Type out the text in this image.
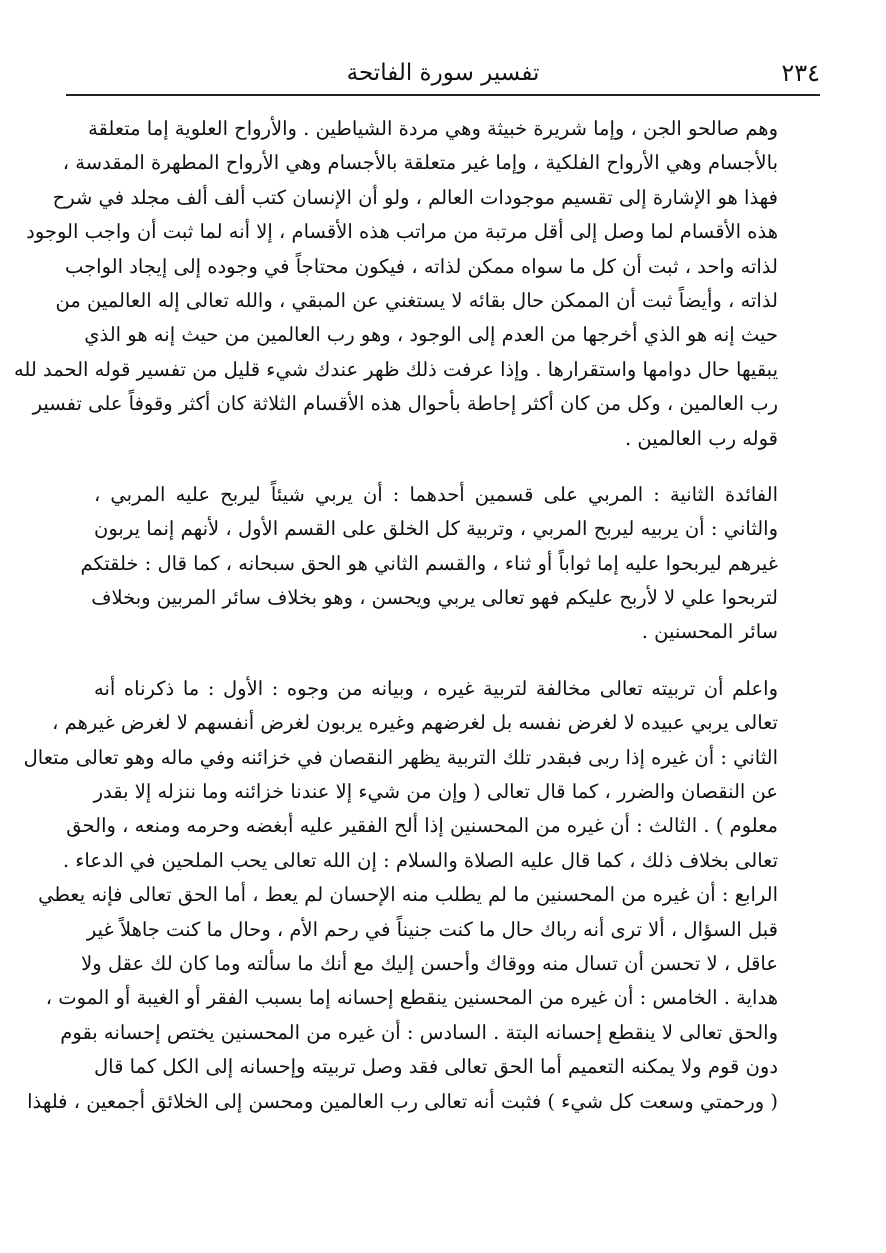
٢٣٤
تفسير سورة الفاتحة
وهم صالحو الجن ، وإما شريرة خبيثة وهي مردة الشياطين . والأرواح العلوية إما متعلقة
بالأجسام وهي الأرواح الفلكية ، وإما غير متعلقة بالأجسام وهي الأرواح المطهرة المقدسة ،
فهذا هو الإشارة إلى تقسيم موجودات العالم ، ولو أن الإنسان كتب ألف ألف مجلد في شرح
هذه الأقسام لما وصل إلى أقل مرتبة من مراتب هذه الأقسام ، إلا أنه لما ثبت أن واجب الوجود
لذاته واحد ، ثبت أن كل ما سواه ممكن لذاته ، فيكون محتاجاً في وجوده إلى إيجاد الواجب
لذاته ، وأيضاً ثبت أن الممكن حال بقائه لا يستغني عن المبقي ، والله تعالى إله العالمين من
حيث إنه هو الذي أخرجها من العدم إلى الوجود ، وهو رب العالمين من حيث إنه هو الذي
يبقيها حال دوامها واستقرارها . وإذا عرفت ذلك ظهر عندك شيء قليل من تفسير قوله الحمد لله
رب العالمين ، وكل من كان أكثر إحاطة بأحوال هذه الأقسام الثلاثة كان أكثر وقوفاً على تفسير
قوله رب العالمين .
الفائدة الثانية : المربي على قسمين أحدهما : أن يربي شيئاً ليربح عليه المربي ،
والثاني : أن يربيه ليربح المربي ، وتربية كل الخلق على القسم الأول ، لأنهم إنما يربون
غيرهم ليربحوا عليه إما ثواباً أو ثناء ، والقسم الثاني هو الحق سبحانه ، كما قال : خلقتكم
لتربحوا علي لا لأربح عليكم فهو تعالى يربي ويحسن ، وهو بخلاف سائر المربين وبخلاف
سائر المحسنين .
واعلم أن تربيته تعالى مخالفة لتربية غيره ، وبيانه من وجوه : الأول : ما ذكرناه أنه
تعالى يربي عبيده لا لغرض نفسه بل لغرضهم وغيره يربون لغرض أنفسهم لا لغرض غيرهم ،
الثاني : أن غيره إذا ربى فبقدر تلك التربية يظهر النقصان في خزائنه وفي ماله وهو تعالى متعال
عن النقصان والضرر ، كما قال تعالى ( وإن من شيء إلا عندنا خزائنه وما ننزله إلا بقدر
معلوم ) . الثالث : أن غيره من المحسنين إذا ألح الفقير عليه أبغضه وحرمه ومنعه ، والحق
تعالى بخلاف ذلك ، كما قال عليه الصلاة والسلام : إن الله تعالى يحب الملحين في الدعاء .
الرابع : أن غيره من المحسنين ما لم يطلب منه الإحسان لم يعط ، أما الحق تعالى فإنه يعطي
قبل السؤال ، ألا ترى أنه رباك حال ما كنت جنيناً في رحم الأم ، وحال ما كنت جاهلاً غير
عاقل ، لا تحسن أن تسال منه ووقاك وأحسن إليك مع أنك ما سألته وما كان لك عقل ولا
هداية . الخامس : أن غيره من المحسنين ينقطع إحسانه إما بسبب الفقر أو الغيبة أو الموت ،
والحق تعالى لا ينقطع إحسانه البتة . السادس : أن غيره من المحسنين يختص إحسانه بقوم
دون قوم ولا يمكنه التعميم أما الحق تعالى فقد وصل تربيته وإحسانه إلى الكل كما قال
( ورحمتي وسعت كل شيء ) فثبت أنه تعالى رب العالمين ومحسن إلى الخلائق أجمعين ، فلهذا
